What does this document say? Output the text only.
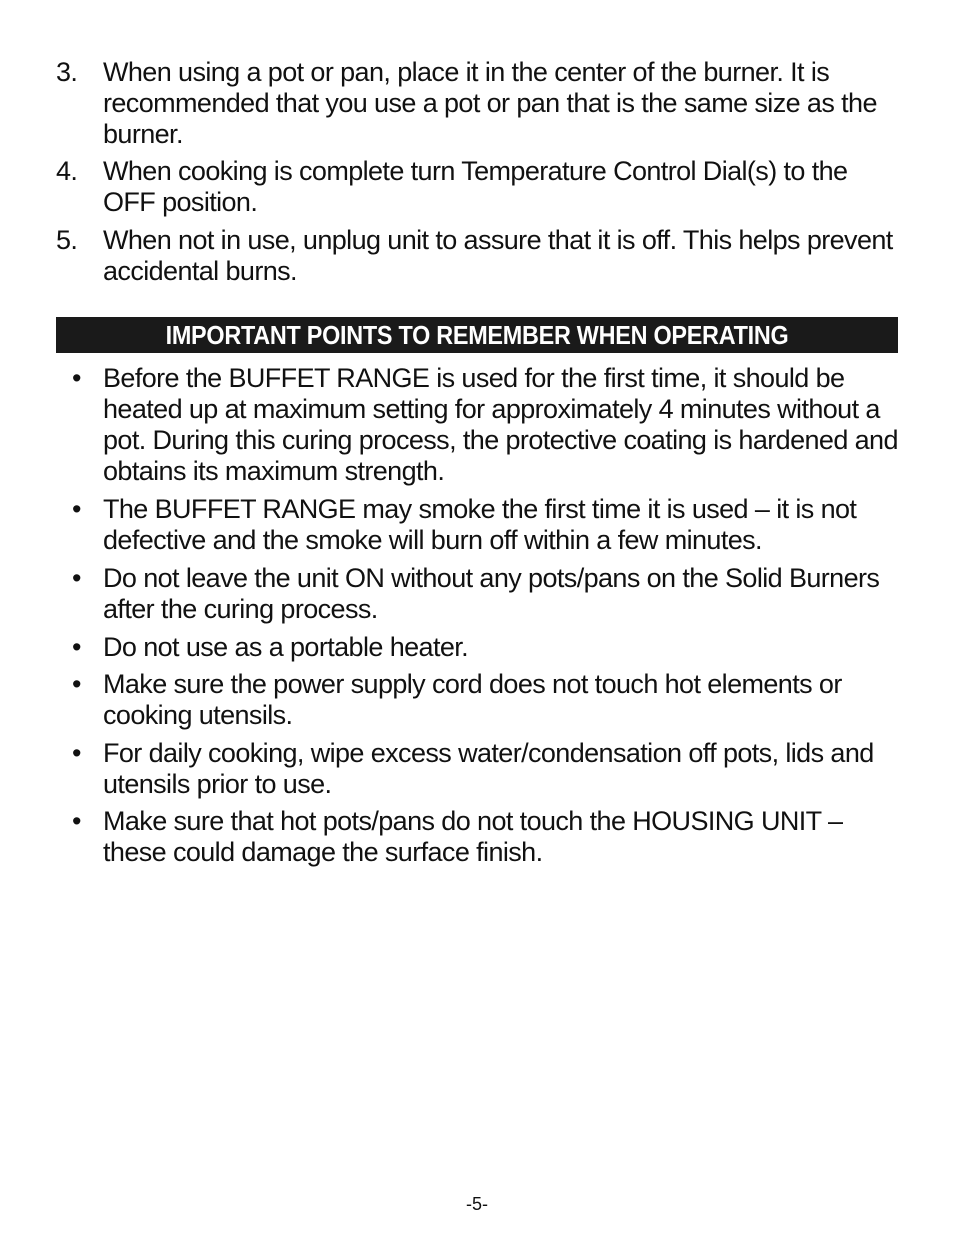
3. When using a pot or pan, place it in the center of the burner. It is recommended that you use a pot or pan that is the same size as the burner.
4. When cooking is complete turn Temperature Control Dial(s) to the OFF position.
5. When not in use, unplug unit to assure that it is off. This helps prevent accidental burns.
IMPORTANT POINTS TO REMEMBER WHEN OPERATING
• Before the BUFFET RANGE is used for the first time, it should be heated up at maximum setting for approximately 4 minutes without a pot. During this curing process, the protective coating is hardened and obtains its maximum strength.
• The BUFFET RANGE may smoke the first time it is used – it is not defective and the smoke will burn off within a few minutes.
• Do not leave the unit ON without any pots/pans on the Solid Burners after the curing process.
• Do not use as a portable heater.
• Make sure the power supply cord does not touch hot elements or cooking utensils.
• For daily cooking, wipe excess water/condensation off pots, lids and utensils prior to use.
• Make sure that hot pots/pans do not touch the HOUSING UNIT – these could damage the surface finish.
-5-
